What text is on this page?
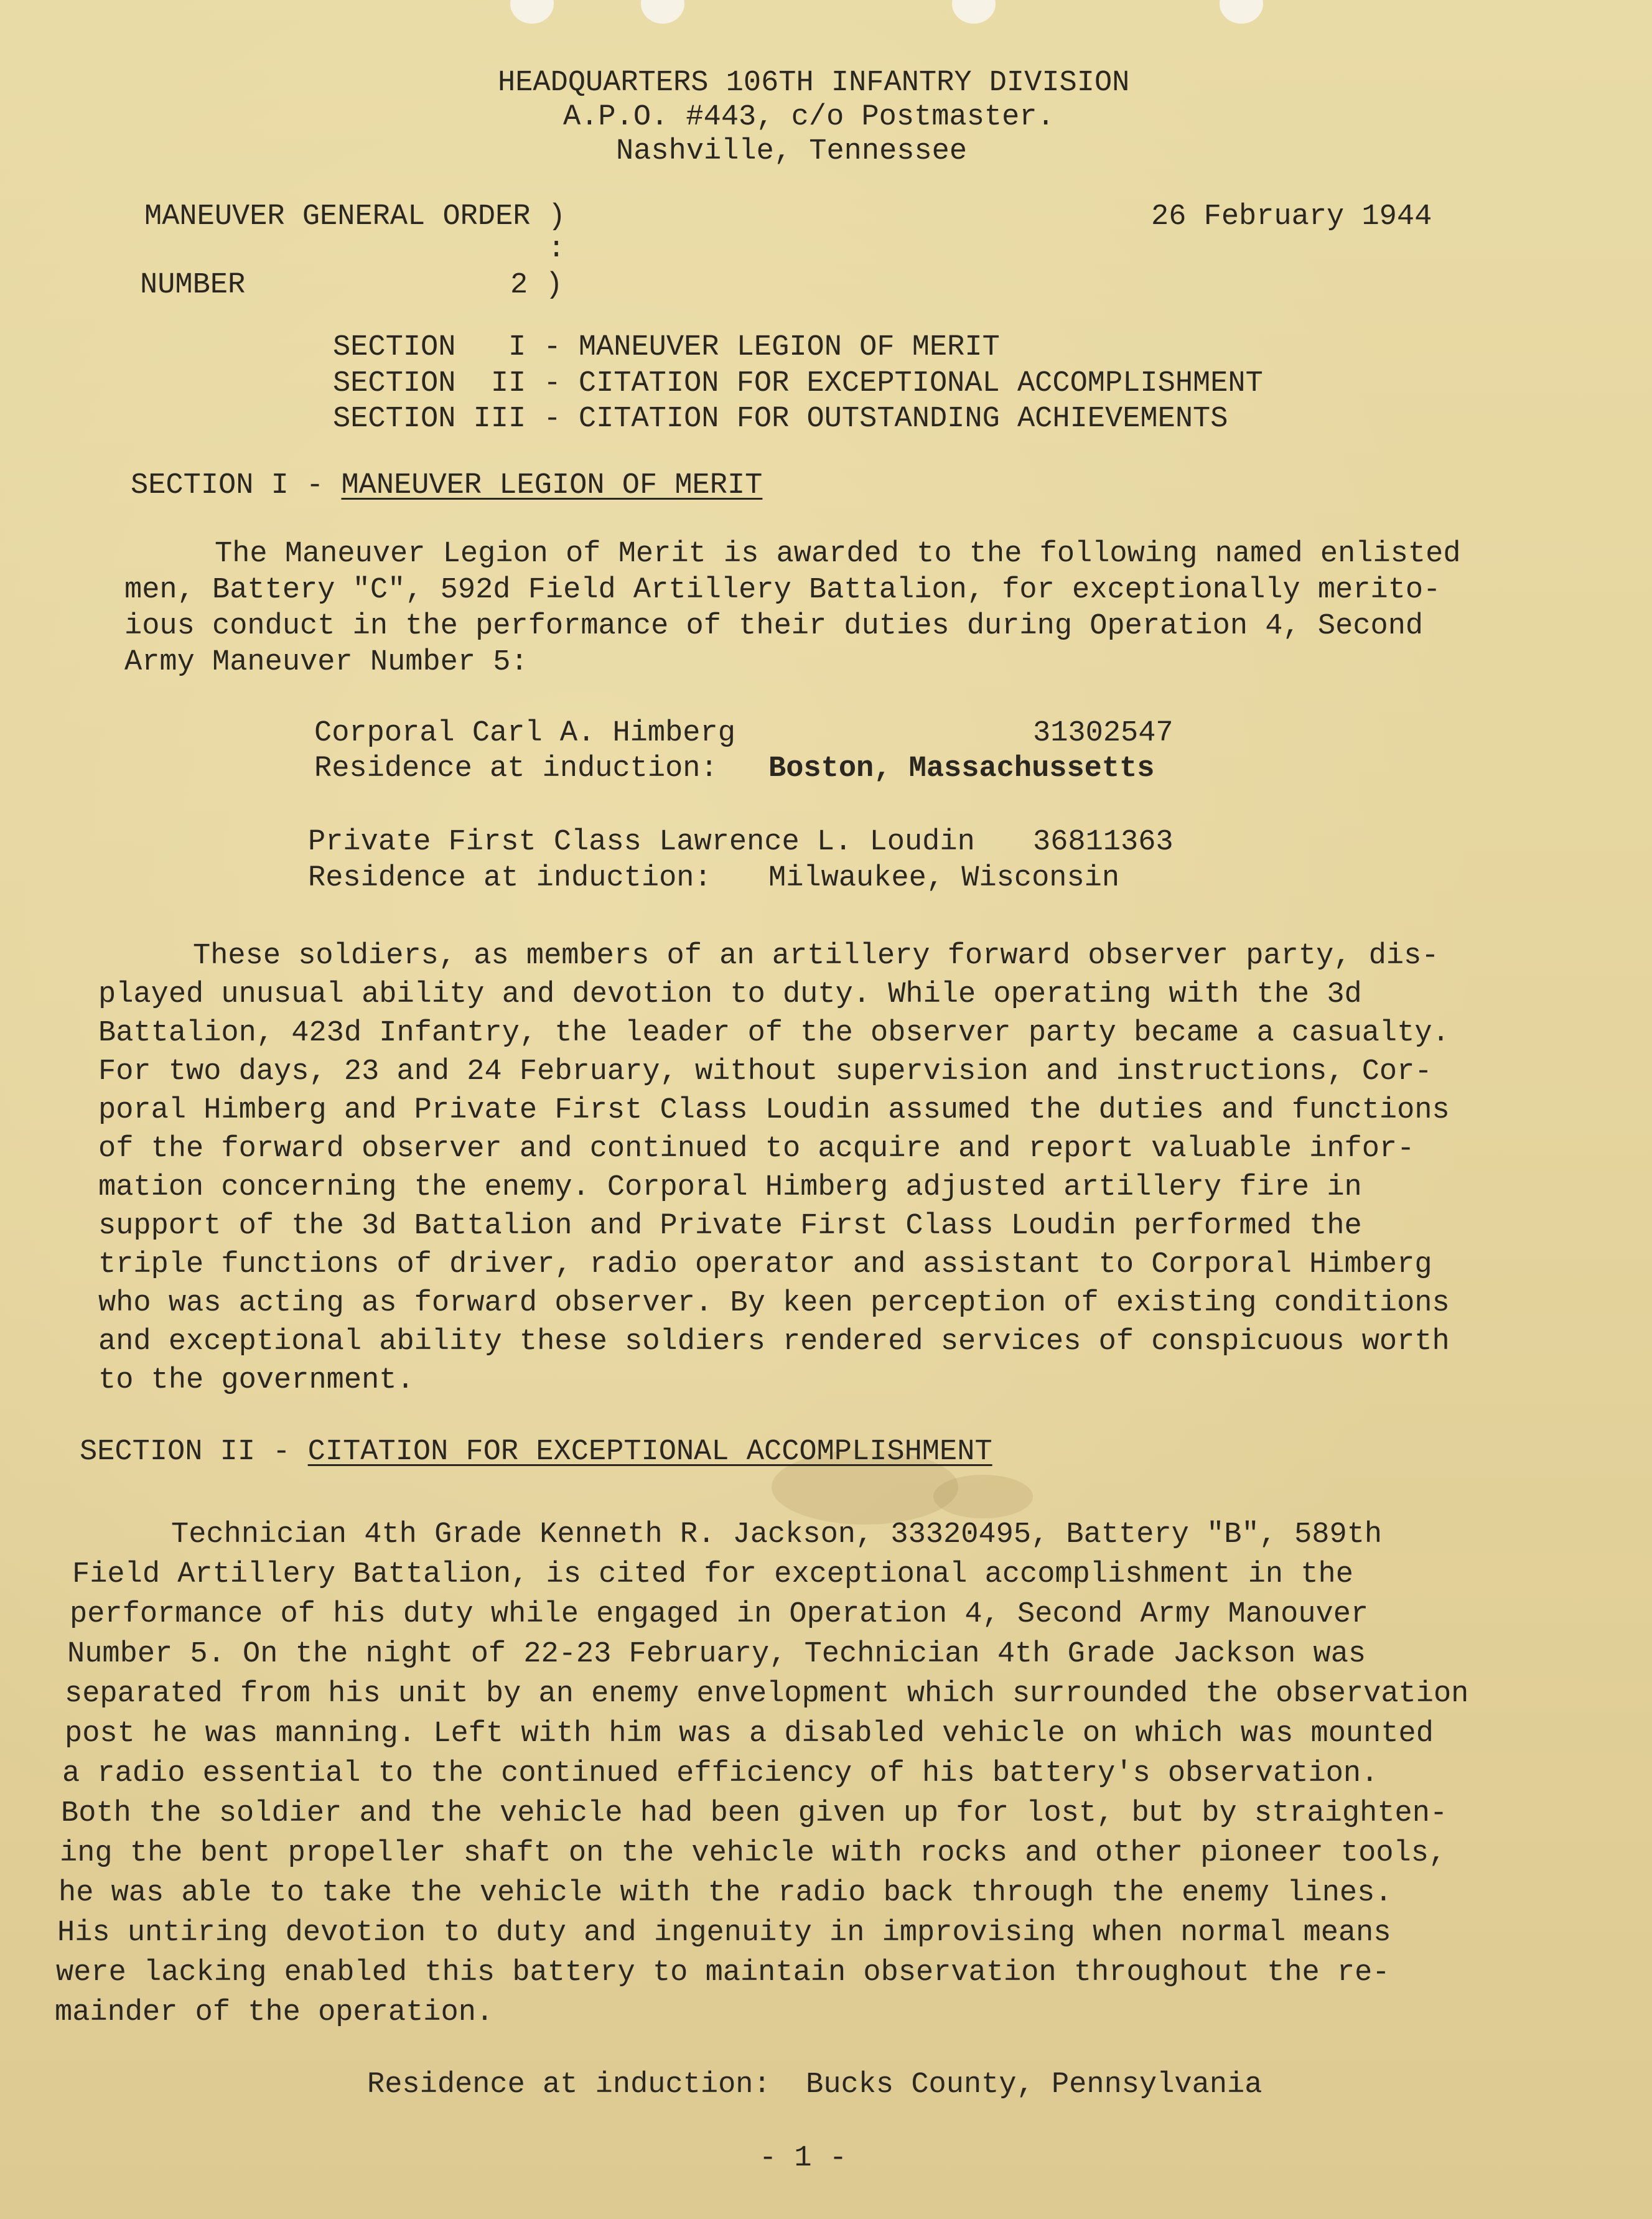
HEADQUARTERS 106TH INFANTRY DIVISION
A.P.O. #443, c/o Postmaster.
Nashville, Tennessee
MANEUVER GENERAL ORDER )
:
26 February 1944
NUMBER	2 )
SECTION   I - MANEUVER LEGION OF MERIT
SECTION  II - CITATION FOR EXCEPTIONAL ACCOMPLISHMENT
SECTION III - CITATION FOR OUTSTANDING ACHIEVEMENTS
SECTION I - MANEUVER LEGION OF MERIT
The Maneuver Legion of Merit is awarded to the following named enlisted
men, Battery "C", 592d Field Artillery Battalion, for exceptionally merito-
ious conduct in the performance of their duties during Operation 4, Second
Army Maneuver Number 5:
Corporal Carl A. Himberg	31302547
Residence at induction: Boston, Massachussetts
Private First Class Lawrence L. Loudin 36811363
Residence at induction: Milwaukee, Wisconsin
These soldiers, as members of an artillery forward observer party, dis-
played unusual ability and devotion to duty. While operating with the 3d
Battalion, 423d Infantry, the leader of the observer party became a casualty.
For two days, 23 and 24 February, without supervision and instructions, Cor-
poral Himberg and Private First Class Loudin assumed the duties and functions
of the forward observer and continued to acquire and report valuable infor-
mation concerning the enemy. Corporal Himberg adjusted artillery fire in
support of the 3d Battalion and Private First Class Loudin performed the
triple functions of driver, radio operator and assistant to Corporal Himberg
who was acting as forward observer. By keen perception of existing conditions
and exceptional ability these soldiers rendered services of conspicuous worth
to the government.
SECTION II - CITATION FOR EXCEPTIONAL ACCOMPLISHMENT
Technician 4th Grade Kenneth R. Jackson, 33320495, Battery "B", 589th
Field Artillery Battalion, is cited for exceptional accomplishment in the
performance of his duty while engaged in Operation 4, Second Army Manouver
Number 5. On the night of 22-23 February, Technician 4th Grade Jackson was
separated from his unit by an enemy envelopment which surrounded the observation
post he was manning. Left with him was a disabled vehicle on which was mounted
a radio essential to the continued efficiency of his battery's observation.
Both the soldier and the vehicle had been given up for lost, but by straighten-
ing the bent propeller shaft on the vehicle with rocks and other pioneer tools,
he was able to take the vehicle with the radio back through the enemy lines.
His untiring devotion to duty and ingenuity in improvising when normal means
were lacking enabled this battery to maintain observation throughout the re-
mainder of the operation.
Residence at induction:  Bucks County, Pennsylvania
- 1 -
